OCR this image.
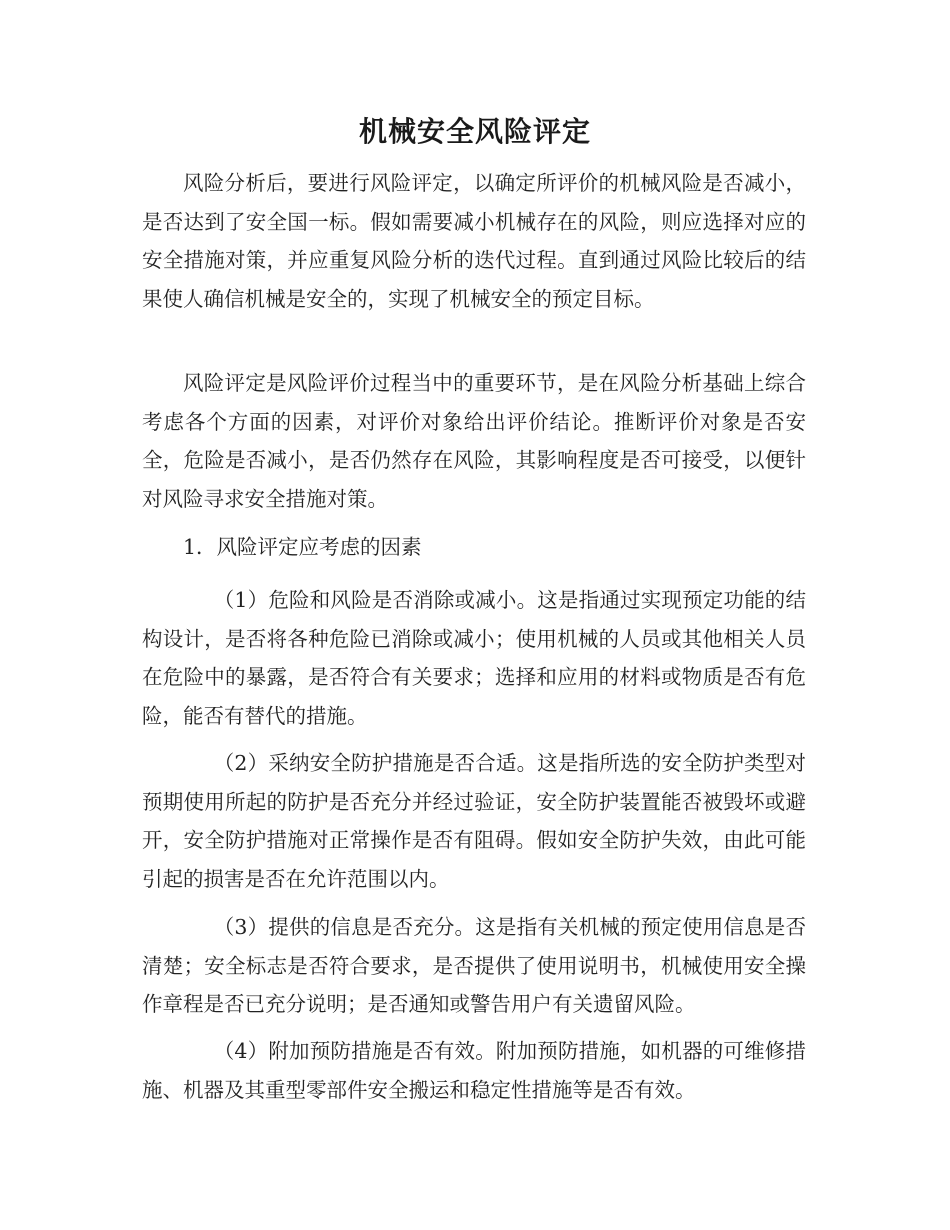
机械安全风险评定

风险分析后，要进行风险评定，以确定所评价的机械风险是否减小，是否达到了安全国一标。假如需要减小机械存在的风险，则应选择对应的安全措施对策，并应重复风险分析的迭代过程。直到通过风险比较后的结果使人确信机械是安全的，实现了机械安全的预定目标。

风险评定是风险评价过程当中的重要环节，是在风险分析基础上综合考虑各个方面的因素，对评价对象给出评价结论。推断评价对象是否安全，危险是否减小，是否仍然存在风险，其影响程度是否可接受，以便针对风险寻求安全措施对策。

1．风险评定应考虑的因素

（1）危险和风险是否消除或减小。这是指通过实现预定功能的结构设计，是否将各种危险已消除或减小；使用机械的人员或其他相关人员在危险中的暴露，是否符合有关要求；选择和应用的材料或物质是否有危险，能否有替代的措施。

（2）采纳安全防护措施是否合适。这是指所选的安全防护类型对预期使用所起的防护是否充分并经过验证，安全防护装置能否被毁坏或避开，安全防护措施对正常操作是否有阻碍。假如安全防护失效，由此可能引起的损害是否在允许范围以内。

（3）提供的信息是否充分。这是指有关机械的预定使用信息是否清楚；安全标志是否符合要求，是否提供了使用说明书，机械使用安全操作章程是否已充分说明；是否通知或警告用户有关遗留风险。

（4）附加预防措施是否有效。附加预防措施，如机器的可维修措施、机器及其重型零部件安全搬运和稳定性措施等是否有效。
